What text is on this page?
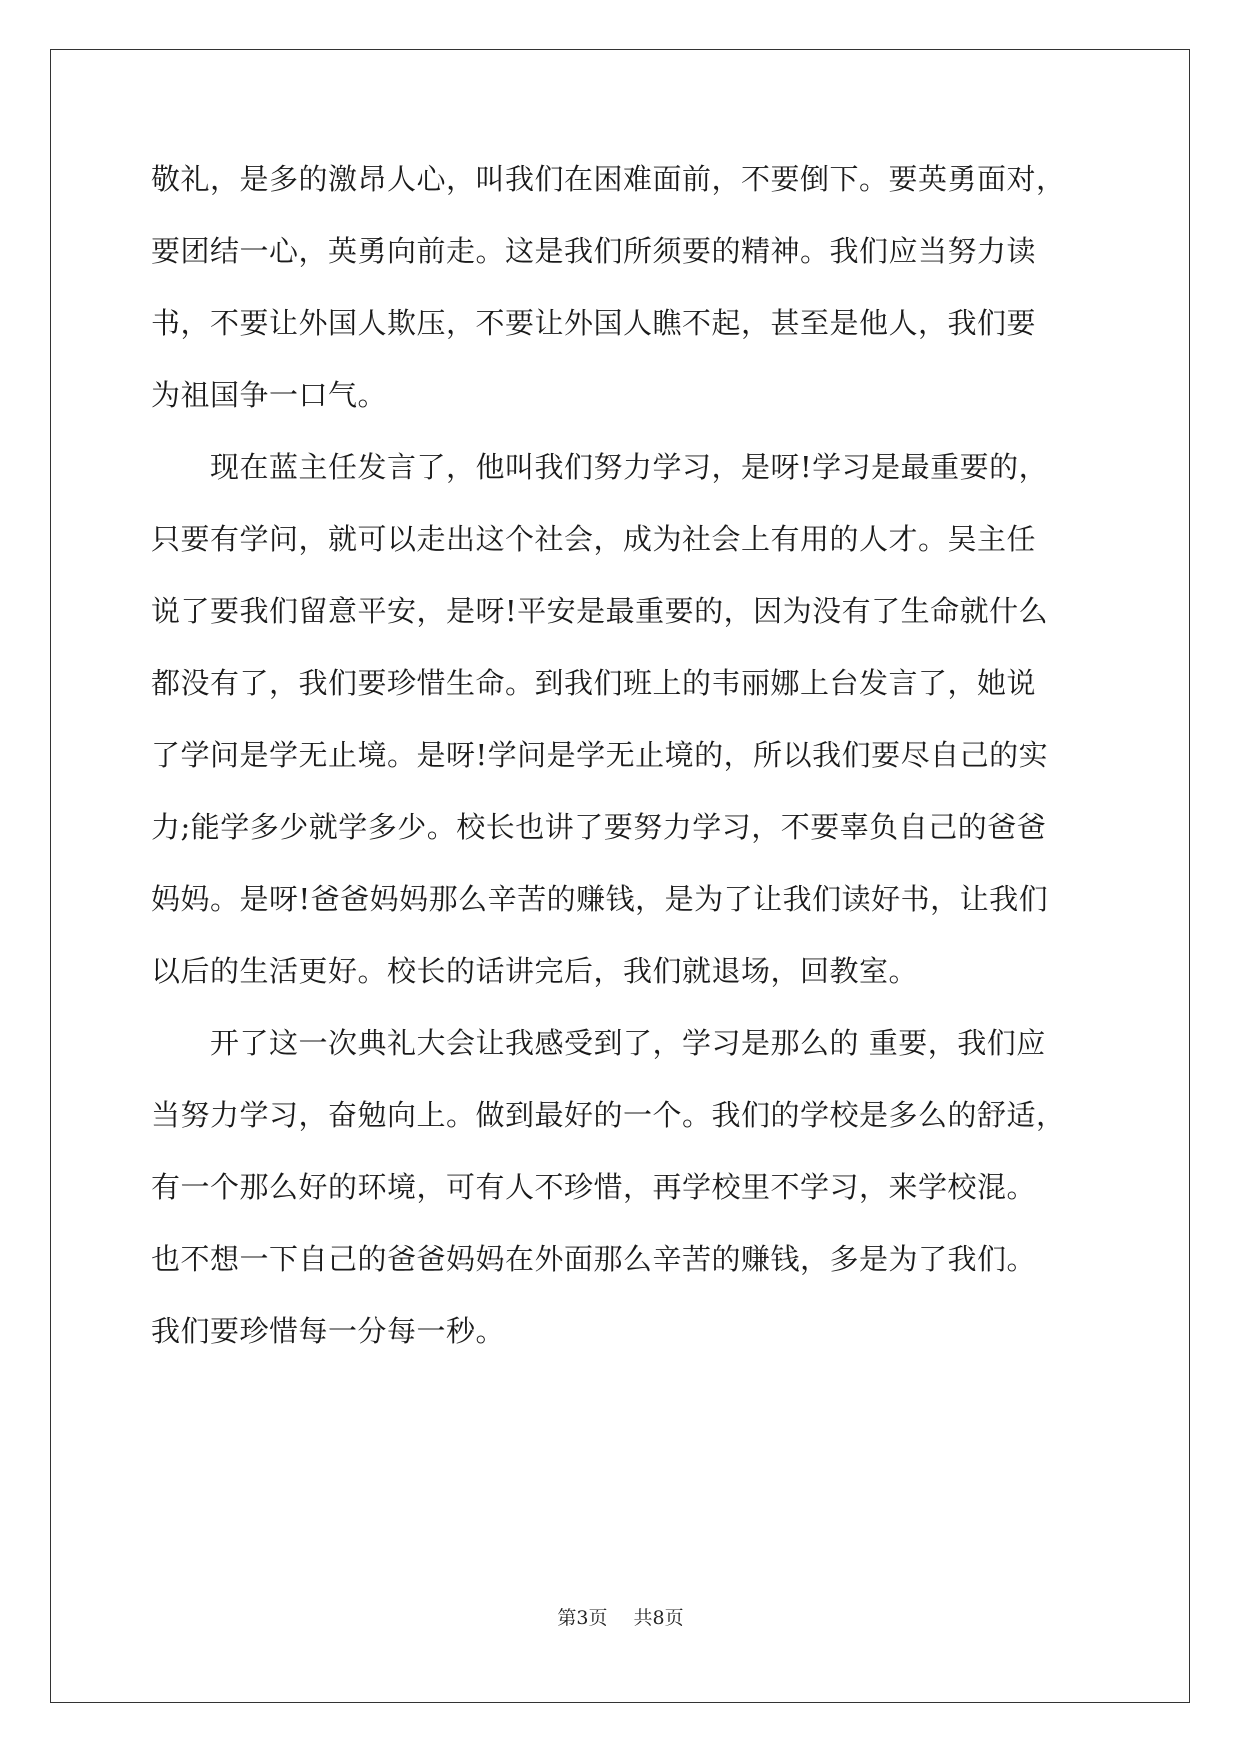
敬礼，是多的激昂人心，叫我们在困难面前，不要倒下。要英勇面对，
要团结一心，英勇向前走。这是我们所须要的精神。我们应当努力读
书，不要让外国人欺压，不要让外国人瞧不起，甚至是他人，我们要
为祖国争一口气。
　　现在蓝主任发言了，他叫我们努力学习，是呀!学习是最重要的，
只要有学问，就可以走出这个社会，成为社会上有用的人才。吴主任
说了要我们留意平安，是呀!平安是最重要的，因为没有了生命就什么
都没有了，我们要珍惜生命。到我们班上的韦丽娜上台发言了，她说
了学问是学无止境。是呀!学问是学无止境的，所以我们要尽自己的实
力;能学多少就学多少。校长也讲了要努力学习，不要辜负自己的爸爸
妈妈。是呀!爸爸妈妈那么辛苦的赚钱，是为了让我们读好书，让我们
以后的生活更好。校长的话讲完后，我们就退场，回教室。
　　开了这一次典礼大会让我感受到了，学习是那么的 重要，我们应
当努力学习，奋勉向上。做到最好的一个。我们的学校是多么的舒适，
有一个那么好的环境，可有人不珍惜，再学校里不学习，来学校混。
也不想一下自己的爸爸妈妈在外面那么辛苦的赚钱，多是为了我们。
我们要珍惜每一分每一秒。
第3页 共8页
